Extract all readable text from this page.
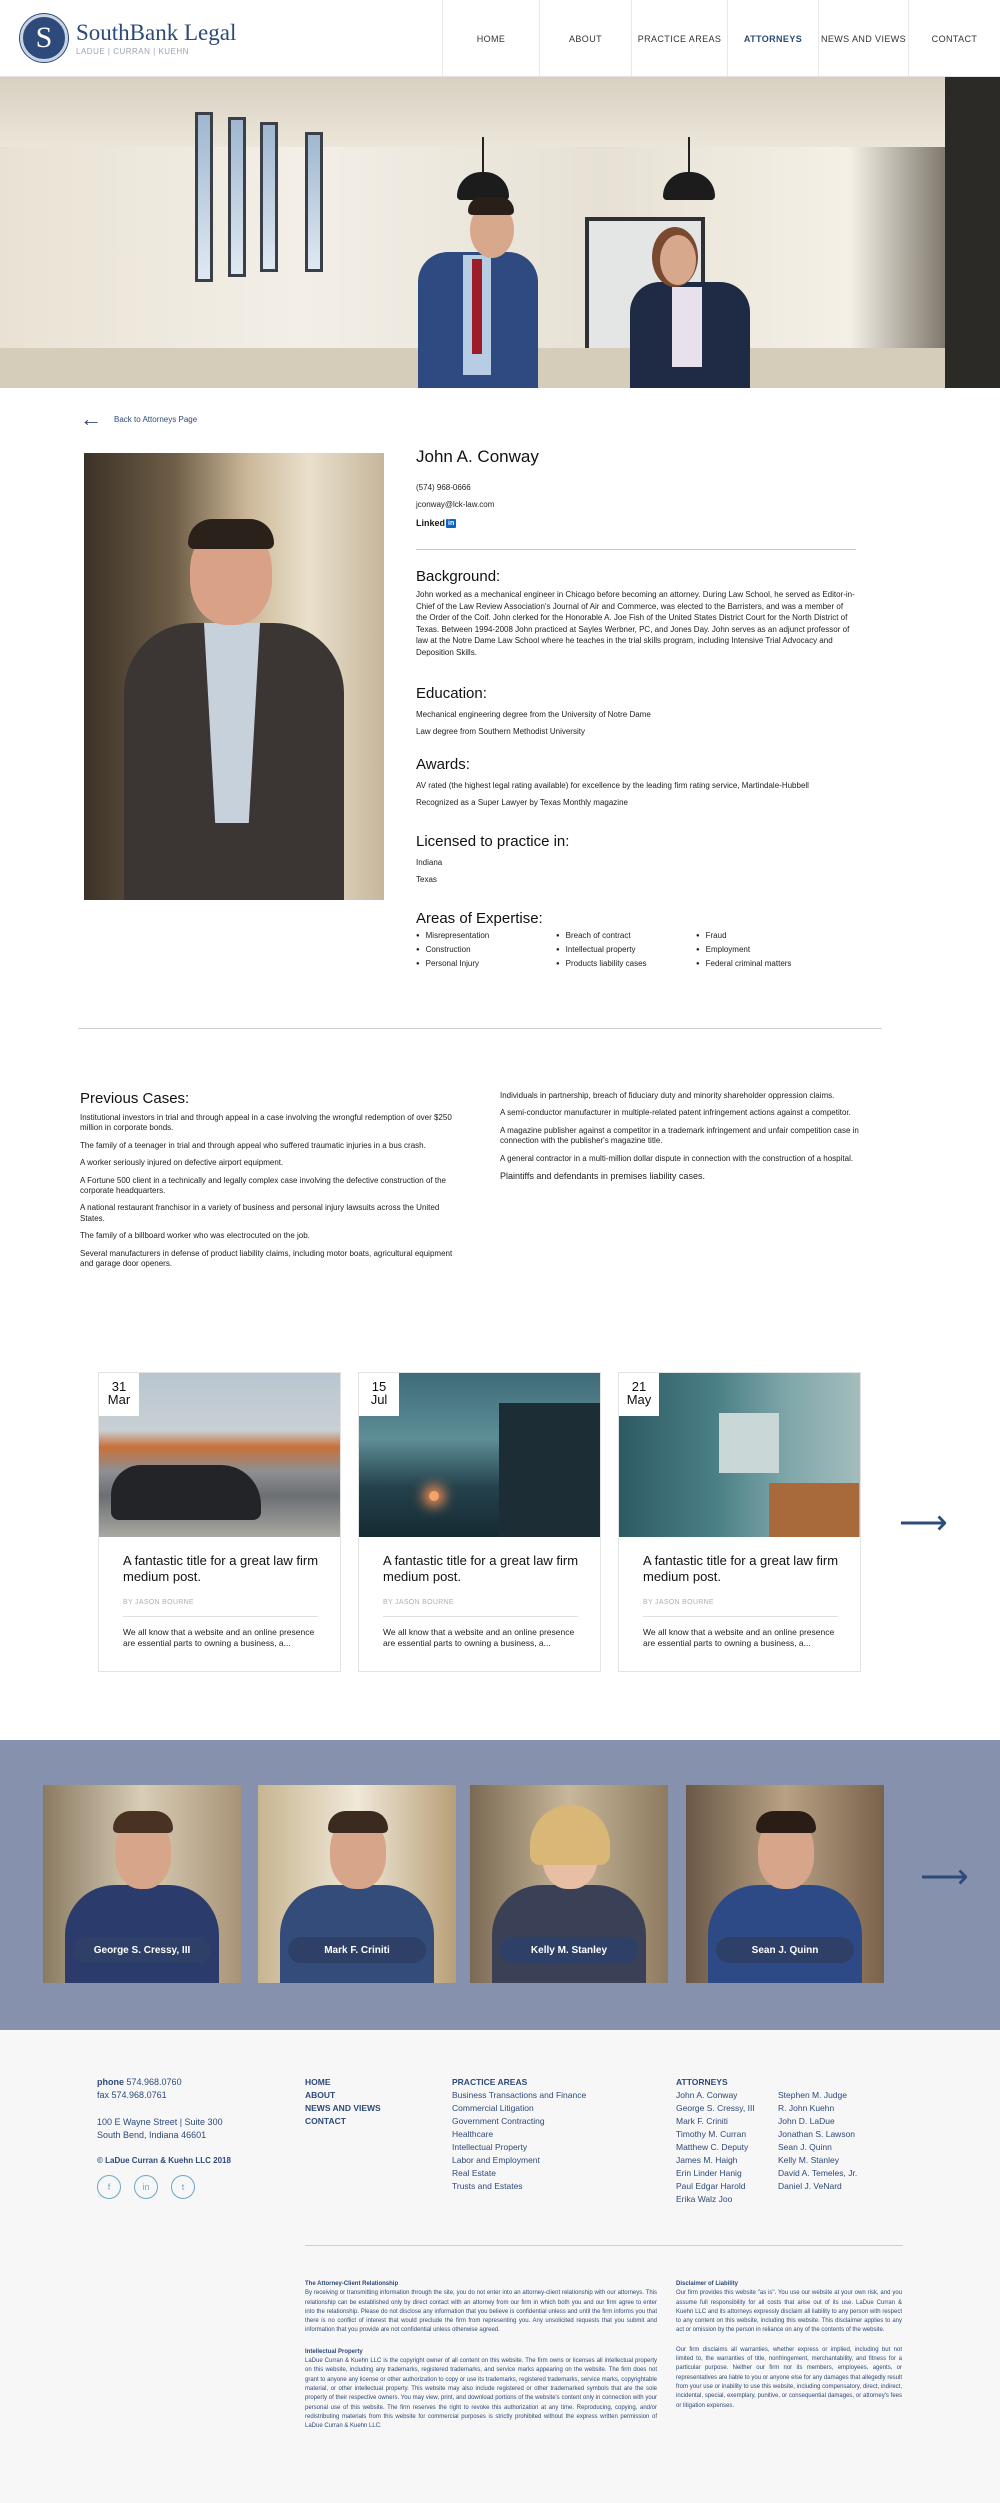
S	SouthBank Legal
LADUE | CURRAN | KUEHN
HOME	ABOUT	PRACTICE AREAS	ATTORNEYS	NEWS AND VIEWS	CONTACT
← Back to Attorneys Page
John A. Conway
(574) 968-0666
jconway@lck-law.com
Linked in
Background:
John worked as a mechanical engineer in Chicago before becoming an attorney. During Law School, he served as Editor-in-Chief of the Law Review Association's Journal of Air and Commerce, was elected to the Barristers, and was a member of the Order of the Coif. John clerked for the Honorable A. Joe Fish of the United States District Court for the North District of Texas. Between 1994-2008 John practiced at Sayles Werbner, PC, and Jones Day. John serves as an adjunct professor of law at the Notre Dame Law School where he teaches in the trial skills program, including Intensive Trial Advocacy and Deposition Skills.
Education:
Mechanical engineering degree from the University of Notre Dame
Law degree from Southern Methodist University
Awards:
AV rated (the highest legal rating available) for excellence by the leading firm rating service, Martindale-Hubbell
Recognized as a Super Lawyer by Texas Monthly magazine
Licensed to practice in:
Indiana
Texas
Areas of Expertise:
● Misrepresentation	● Breach of contract	● Fraud
● Construction	● Intellectual property	● Employment
● Personal Injury	● Products liability cases	● Federal criminal matters
Previous Cases:

Institutional investors in trial and through appeal in a case involving the wrongful redemption of over $250 million in corporate bonds.

The family of a teenager in trial and through appeal who suffered traumatic injuries in a bus crash.

A worker seriously injured on defective airport equipment.

A Fortune 500 client in a technically and legally complex case involving the defective construction of the corporate headquarters.

A national restaurant franchisor in a variety of business and personal injury lawsuits across the United States.

The family of a billboard worker who was electrocuted on the job.

Several manufacturers in defense of product liability claims, including motor boats, agricultural equipment and garage door openers.

Individuals in partnership, breach of fiduciary duty and minority shareholder oppression claims.

A semi-conductor manufacturer in multiple-related patent infringement actions against a competitor.

A magazine publisher against a competitor in a trademark infringement and unfair competition case in connection with the publisher's magazine title.

A general contractor in a multi-million dollar dispute in connection with the construction of a hospital.

Plaintiffs and defendants in premises liability cases.

31
Mar
A fantastic title for a great law firm medium post.
BY JASON BOURNE
We all know that a website and an online presence are essential parts to owning a business, a...
15
Jul
A fantastic title for a great law firm medium post.
BY JASON BOURNE
We all know that a website and an online presence are essential parts to owning a business, a...
21
May
A fantastic title for a great law firm medium post.
BY JASON BOURNE
We all know that a website and an online presence are essential parts to owning a business, a...
⟶
George S. Cressy, III	Mark F. Criniti	Kelly M. Stanley	Sean J. Quinn
⟶
phone 574.968.0760
fax 574.968.0761
100 E Wayne Street | Suite 300
South Bend, Indiana 46601
© LaDue Curran & Kuehn LLC 2018
f	in	t
HOME
ABOUT
NEWS AND VIEWS
CONTACT
PRACTICE AREAS
Business Transactions and Finance
Commercial Litigation
Government Contracting
Healthcare
Intellectual Property
Labor and Employment
Real Estate
Trusts and Estates
ATTORNEYS
John A. Conway
George S. Cressy, III
Mark F. Criniti
Timothy M. Curran
Matthew C. Deputy
James M. Haigh
Erin Linder Hanig
Paul Edgar Harold
Erika Walz Joo
Stephen M. Judge
R. John Kuehn
John D. LaDue
Jonathan S. Lawson
Sean J. Quinn
Kelly M. Stanley
David A. Temeles, Jr.
Daniel J. VeNard
The Attorney-Client Relationship
By receiving or transmitting information through the site, you do not enter into an attorney-client relationship with our attorneys. This relationship can be established only by direct contact with an attorney from our firm in which both you and our firm agree to enter into the relationship. Please do not disclose any information that you believe is confidential unless and until the firm informs you that there is no conflict of interest that would preclude the firm from representing you. Any unsolicited requests that you submit and information that you provide are not confidential unless otherwise agreed.
Intellectual Property
LaDue Curran & Kuehn LLC is the copyright owner of all content on this website. The firm owns or licenses all intellectual property on this website, including any trademarks, registered trademarks, and service marks appearing on the website. The firm does not grant to anyone any license or other authorization to copy or use its trademarks, registered trademarks, service marks, copyrightable material, or other intellectual property. This website may also include registered or other trademarked symbols that are the sole property of their respective owners. You may view, print, and download portions of the website's content only in connection with your personal use of this website. The firm reserves the right to revoke this authorization at any time. Reproducing, copying, and/or redistributing materials from this website for commercial purposes is strictly prohibited without the express written permission of LaDue Curran & Kuehn LLC.
Disclaimer of Liability
Our firm provides this website "as is". You use our website at your own risk, and you assume full responsibility for all costs that arise out of its use. LaDue Curran & Kuehn LLC and its attorneys expressly disclaim all liability to any person with respect to any content on this website, including this website. This disclaimer applies to any act or omission by the person in reliance on any of the contents of the website.
Our firm disclaims all warranties, whether express or implied, including but not limited to, the warranties of title, nonfringement, merchantability, and fitness for a particular purpose. Neither our firm nor its members, employees, agents, or representatives are liable to you or anyone else for any damages that allegedly result from your use or inability to use this website, including compensatory, direct, indirect, incidental, special, exemplary, punitive, or consequential damages, or attorney's fees or litigation expenses.
